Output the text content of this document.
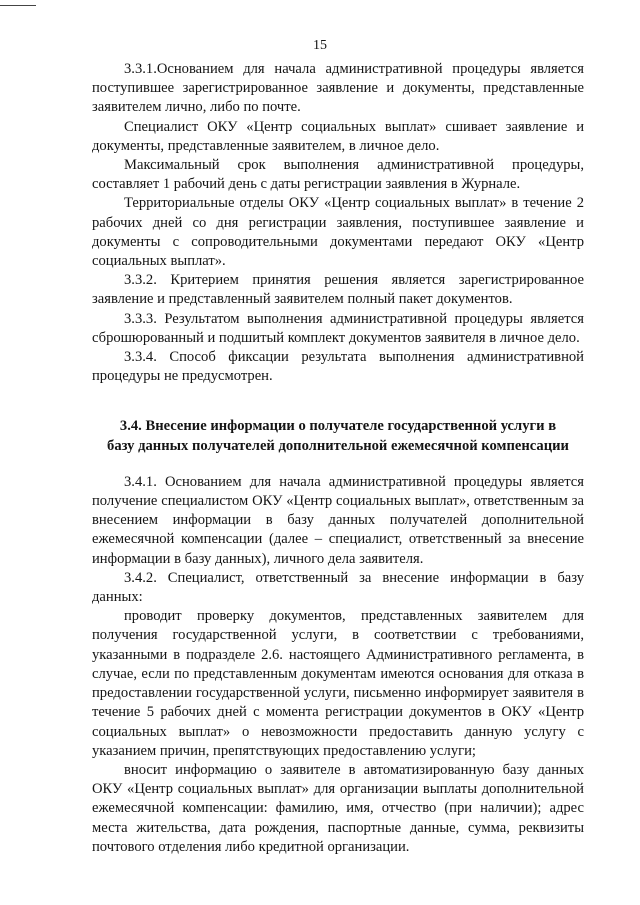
15

3.3.1.Основанием для начала административной процедуры является поступившее зарегистрированное заявление и документы, представленные заявителем лично, либо по почте.

Специалист ОКУ «Центр социальных выплат» сшивает заявление и документы, представленные заявителем, в личное дело.

Максимальный срок выполнения административной процедуры, составляет 1 рабочий день с даты регистрации заявления в Журнале.

Территориальные отделы ОКУ «Центр социальных выплат» в течение 2 рабочих дней со дня регистрации заявления, поступившее заявление и документы с сопроводительными документами передают ОКУ «Центр социальных выплат».

3.3.2. Критерием принятия решения является зарегистрированное заявление и представленный заявителем полный пакет документов.

3.3.3. Результатом выполнения административной процедуры является сброшюрованный и подшитый комплект документов заявителя в личное дело.

3.3.4. Способ фиксации результата выполнения административной процедуры не предусмотрен.

3.4. Внесение информации о получателе государственной услуги в
базу данных получателей дополнительной ежемесячной компенсации

3.4.1. Основанием для начала административной процедуры является получение специалистом ОКУ «Центр социальных выплат», ответственным за внесением информации в базу данных получателей дополнительной ежемесячной компенсации (далее – специалист, ответственный за внесение информации в базу данных), личного дела заявителя.

3.4.2. Специалист, ответственный за внесение информации в базу данных:

проводит проверку документов, представленных заявителем для получения государственной услуги, в соответствии с требованиями, указанными в подразделе 2.6. настоящего Административного регламента, в случае, если по представленным документам имеются основания для отказа в предоставлении государственной услуги, письменно информирует заявителя в течение 5 рабочих дней с момента регистрации документов в ОКУ «Центр социальных выплат» о невозможности предоставить данную услугу с указанием причин, препятствующих предоставлению услуги;

вносит информацию о заявителе в автоматизированную базу данных ОКУ «Центр социальных выплат» для организации выплаты дополнительной ежемесячной компенсации: фамилию, имя, отчество (при наличии); адрес места жительства, дата рождения, паспортные данные, сумма, реквизиты почтового отделения либо кредитной организации.
